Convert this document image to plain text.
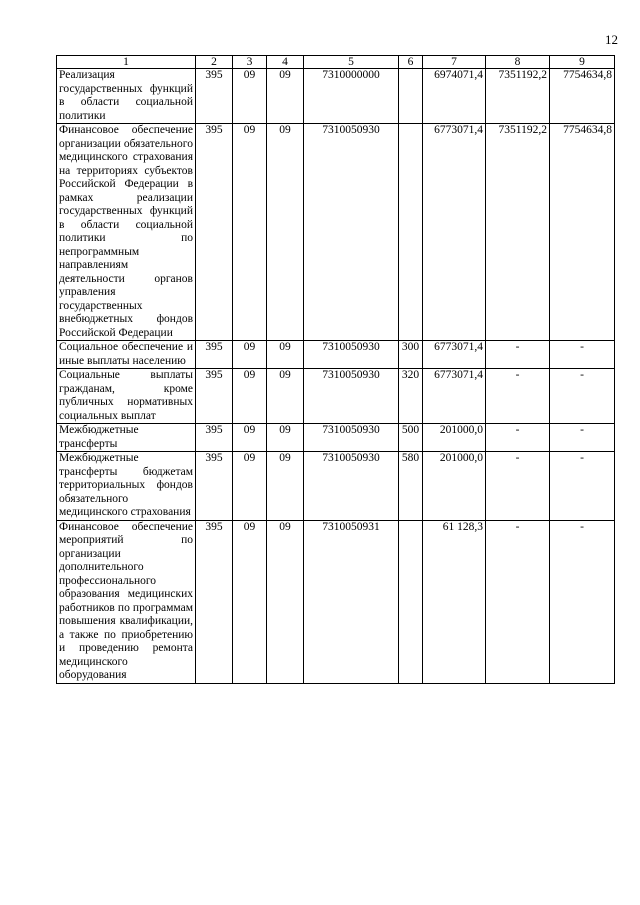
12
1	2	3	4	5	6	7	8	9
Реализация государственных функций в области социальной политики	395	09	09	7310000000		6974071,4	7351192,2	7754634,8
Финансовое обеспечение организации обязательного медицинского страхования на территориях субъектов Российской Федерации в рамках реализации государственных функций в области социальной политики по непрограммным направлениям деятельности органов управления государственных внебюджетных фондов Российской Федерации	395	09	09	7310050930		6773071,4	7351192,2	7754634,8
Социальное обеспечение и иные выплаты населению	395	09	09	7310050930	300	6773071,4	-	-
Социальные выплаты гражданам, кроме публичных нормативных социальных выплат	395	09	09	7310050930	320	6773071,4	-	-
Межбюджетные трансферты	395	09	09	7310050930	500	201000,0	-	-
Межбюджетные трансферты бюджетам территориальных фондов обязательного медицинского страхования	395	09	09	7310050930	580	201000,0	-	-
Финансовое обеспечение мероприятий по организации дополнительного профессионального образования медицинских работников по программам повышения квалификации, а также по приобретению и проведению ремонта медицинского оборудования	395	09	09	7310050931		61 128,3	-	-
